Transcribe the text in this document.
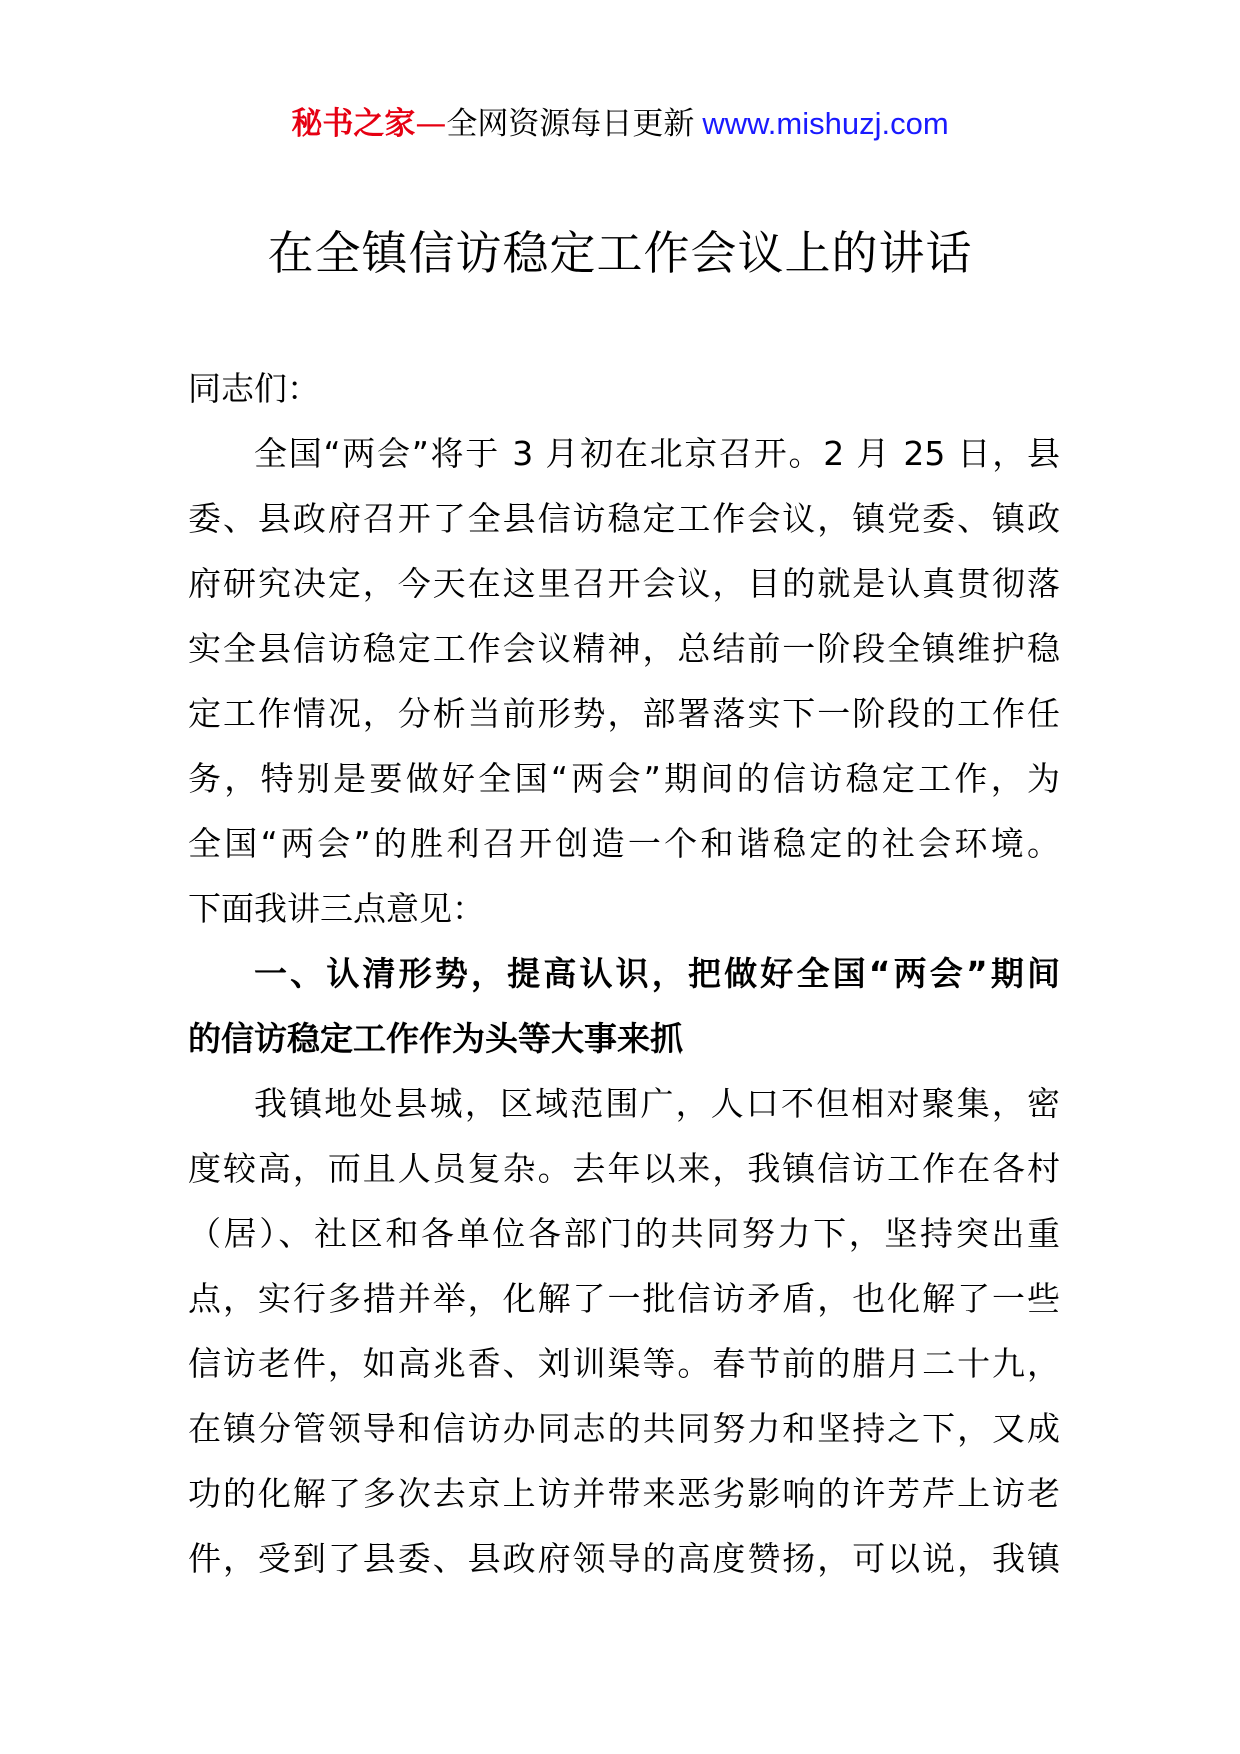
秘书之家—全网资源每日更新 www.mishuzj.com
在全镇信访稳定工作会议上的讲话
同志们：
全国“两会”将于 3 月初在北京召开。2 月 25 日，县
委、县政府召开了全县信访稳定工作会议，镇党委、镇政
府研究决定，今天在这里召开会议，目的就是认真贯彻落
实全县信访稳定工作会议精神，总结前一阶段全镇维护稳
定工作情况，分析当前形势，部署落实下一阶段的工作任
务，特别是要做好全国“两会”期间的信访稳定工作，为
全国“两会”的胜利召开创造一个和谐稳定的社会环境。
下面我讲三点意见：
一、认清形势，提高认识，把做好全国“两会”期间
的信访稳定工作作为头等大事来抓
我镇地处县城，区域范围广，人口不但相对聚集，密
度较高，而且人员复杂。去年以来，我镇信访工作在各村
（居）、社区和各单位各部门的共同努力下，坚持突出重
点，实行多措并举，化解了一批信访矛盾，也化解了一些
信访老件，如高兆香、刘训渠等。春节前的腊月二十九，
在镇分管领导和信访办同志的共同努力和坚持之下，又成
功的化解了多次去京上访并带来恶劣影响的许芳芹上访老
件，受到了县委、县政府领导的高度赞扬，可以说，我镇
